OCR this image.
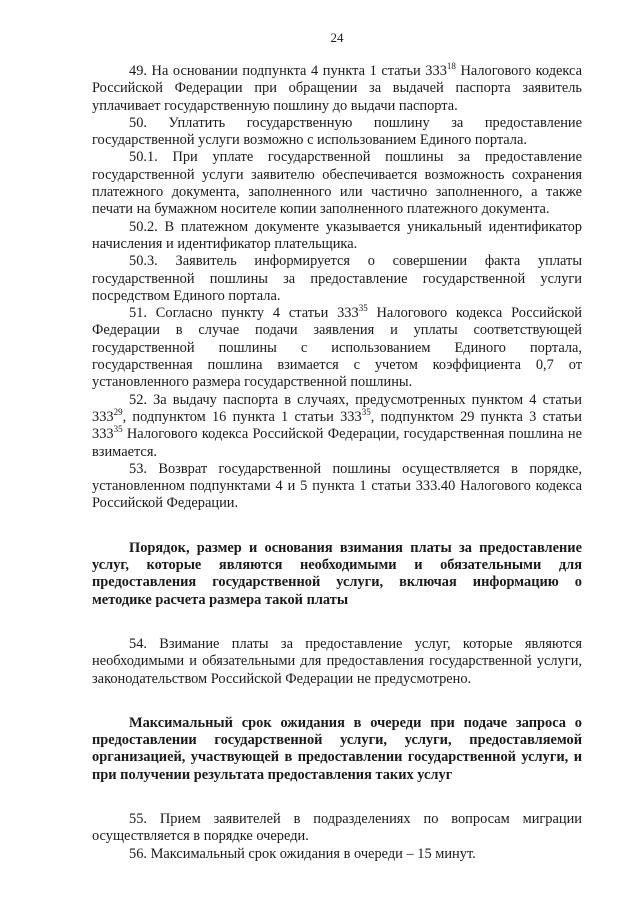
24

49. На основании подпункта 4 пункта 1 статьи $333^{18}$ Налогового кодекса Российской Федерации при обращении за выдачей паспорта заявитель уплачивает государственную пошлину до выдачи паспорта.

50. Уплатить государственную пошлину за предоставление государственной услуги возможно с использованием Единого портала.

50.1. При уплате государственной пошлины за предоставление государственной услуги заявителю обеспечивается возможность сохранения платежного документа, заполненного или частично заполненного, а также печати на бумажном носителе копии заполненного платежного документа.

50.2. В платежном документе указывается уникальный идентификатор начисления и идентификатор плательщика.

50.3. Заявитель информируется о совершении факта уплаты государственной пошлины за предоставление государственной услуги посредством Единого портала.

51. Согласно пункту 4 статьи $333^{35}$ Налогового кодекса Российской Федерации в случае подачи заявления и уплаты соответствующей государственной пошлины с использованием Единого портала, государственная пошлина взимается с учетом коэффициента 0,7 от установленного размера государственной пошлины.

52. За выдачу паспорта в случаях, предусмотренных пунктом 4 статьи $333^{29}$, подпунктом 16 пункта 1 статьи $333^{35}$, подпунктом 29 пункта 3 статьи $333^{35}$ Налогового кодекса Российской Федерации, государственная пошлина не взимается.

53. Возврат государственной пошлины осуществляется в порядке, установленном подпунктами 4 и 5 пункта 1 статьи 333.40 Налогового кодекса Российской Федерации.

Порядок, размер и основания взимания платы за предоставление услуг, которые являются необходимыми и обязательными для предоставления государственной услуги, включая информацию о методике расчета размера такой платы

54. Взимание платы за предоставление услуг, которые являются необходимыми и обязательными для предоставления государственной услуги, законодательством Российской Федерации не предусмотрено.

Максимальный срок ожидания в очереди при подаче запроса о предоставлении государственной услуги, услуги, предоставляемой организацией, участвующей в предоставлении государственной услуги, и при получении результата предоставления таких услуг

55. Прием заявителей в подразделениях по вопросам миграции осуществляется в порядке очереди.

56. Максимальный срок ожидания в очереди – 15 минут.
